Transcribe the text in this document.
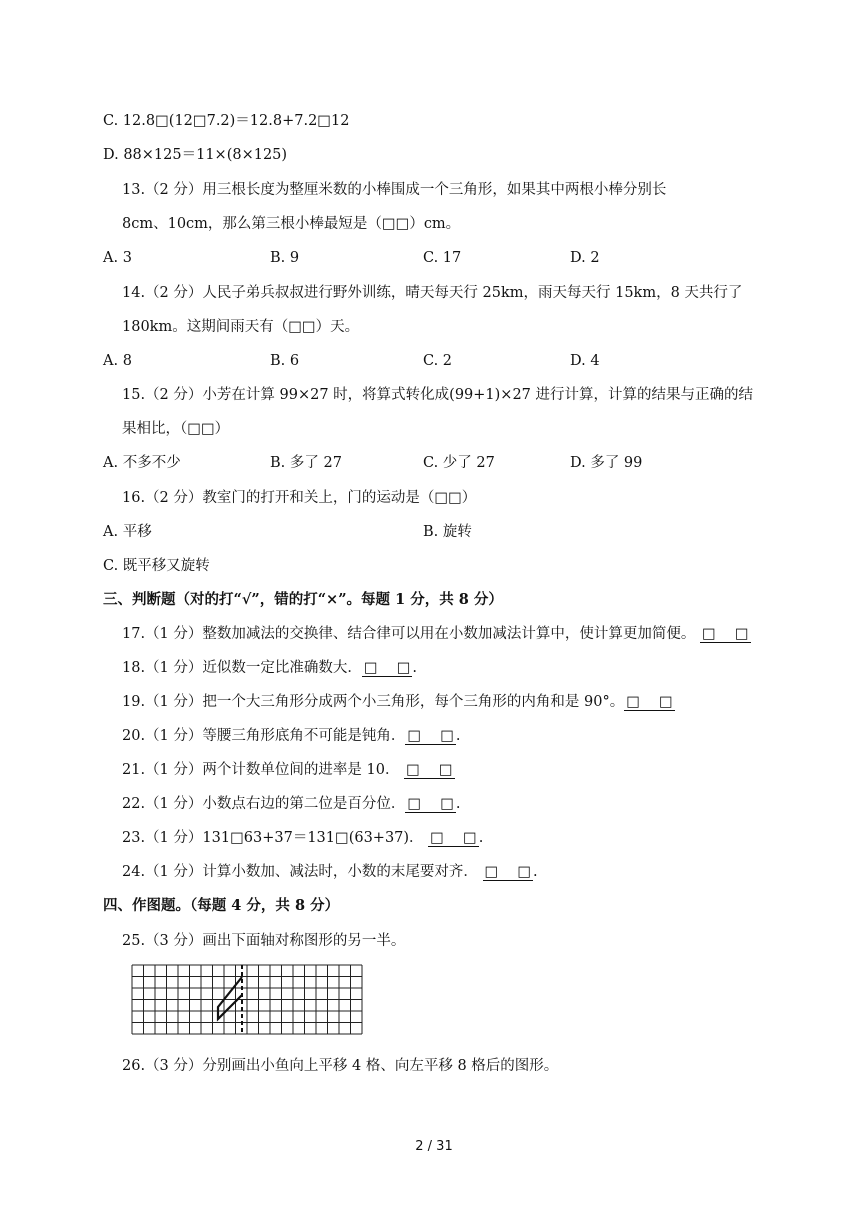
C. 12.8□(12□7.2)＝12.8+7.2□12
D. 88×125＝11×(8×125)
13.（2 分）用三根长度为整厘米数的小棒围成一个三角形，如果其中两根小棒分别长
8cm、10cm，那么第三根小棒最短是（□□）cm。
A. 3	B. 9	C. 17	D. 2
14.（2 分）人民子弟兵叔叔进行野外训练，晴天每天行 25km，雨天每天行 15km，8 天共行了
180km。这期间雨天有（□□）天。
A. 8	B. 6	C. 2	D. 4
15.（2 分）小芳在计算 99×27 时，将算式转化成(99+1)×27 进行计算，计算的结果与正确的结
果相比，（□□）
A. 不多不少	B. 多了 27	C. 少了 27	D. 多了 99
16.（2 分）教室门的打开和关上，门的运动是（□□）
A. 平移	B. 旋转
C. 既平移又旋转
三、判断题（对的打“√”，错的打“×”。每题 1 分，共 8 分）
17.（1 分）整数加减法的交换律、结合律可以用在小数加减法计算中，使计算更加简便。 □　 □
18.（1 分）近似数一定比准确数大． □　 □ .
19.（1 分）把一个大三角形分成两个小三角形，每个三角形的内角和是 90°。 □　 □
20.（1 分）等腰三角形底角不可能是钝角． □　 □ .
21.（1 分）两个计数单位间的进率是 10． □　 □
22.（1 分）小数点右边的第二位是百分位． □　 □ .
23.（1 分）131□63+37＝131□(63+37)． □　 □ .
24.（1 分）计算小数加、减法时，小数的末尾要对齐． □　 □ .
四、作图题。（每题 4 分，共 8 分）
25.（3 分）画出下面轴对称图形的另一半。
26.（3 分）分别画出小鱼向上平移 4 格、向左平移 8 格后的图形。
2 / 31
